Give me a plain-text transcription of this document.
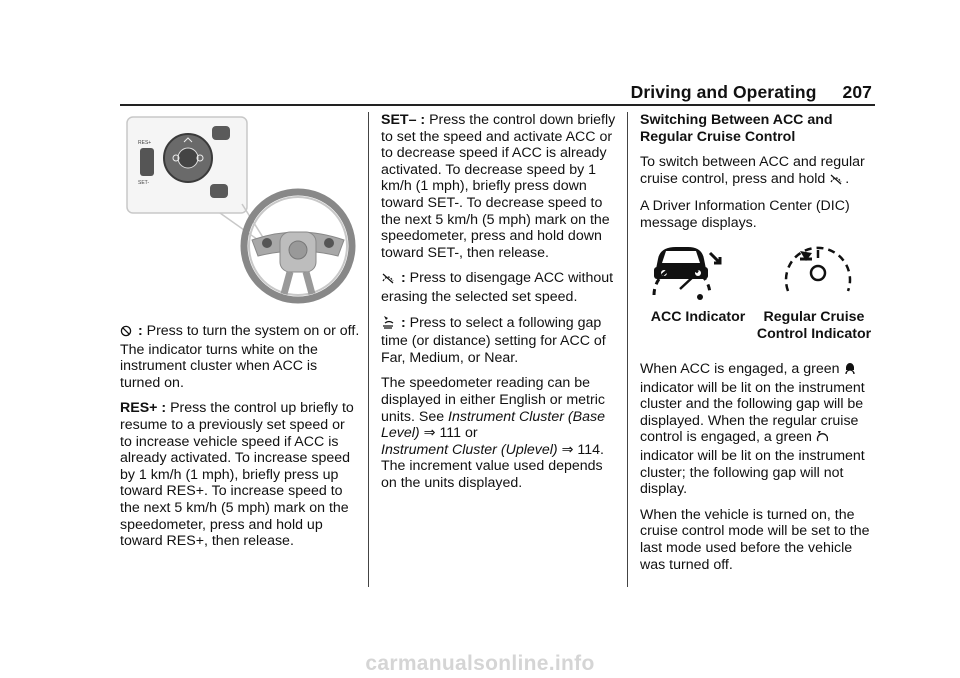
Driving and Operating 207
RES+
SET-

: Press to turn the system on or off. The indicator turns white on the instrument cluster when ACC is turned on.

RES+ : Press the control up briefly to resume to a previously set speed or to increase vehicle speed if ACC is already activated. To increase speed by 1 km/h (1 mph), briefly press up toward RES+. To increase speed to the next 5 km/h (5 mph) mark on the speedometer, press and hold up toward RES+, then release.

SET– : Press the control down briefly to set the speed and activate ACC or to decrease speed if ACC is already activated. To decrease speed by 1 km/h (1 mph), briefly press down toward SET-. To decrease speed to the next 5 km/h (5 mph) mark on the speedometer, press and hold down toward SET-, then release.

: Press to disengage ACC without erasing the selected set speed.

: Press to select a following gap time (or distance) setting for ACC of Far, Medium, or Near.

The speedometer reading can be displayed in either English or metric units. See Instrument Cluster (Base Level) ⇒ 111 or
Instrument Cluster (Uplevel) ⇒ 114. The increment value used depends on the units displayed.

Switching Between ACC and Regular Cruise Control

To switch between ACC and regular cruise control, press and hold .

A Driver Information Center (DIC) message displays.

ACC Indicator	Regular Cruise
Control Indicator

When ACC is engaged, a green
indicator will be lit on the instrument cluster and the following gap will be displayed. When the regular cruise control is engaged, a green
indicator will be lit on the instrument cluster; the following gap will not display.

When the vehicle is turned on, the cruise control mode will be set to the last mode used before the vehicle was turned off.

carmanualsonline.info
